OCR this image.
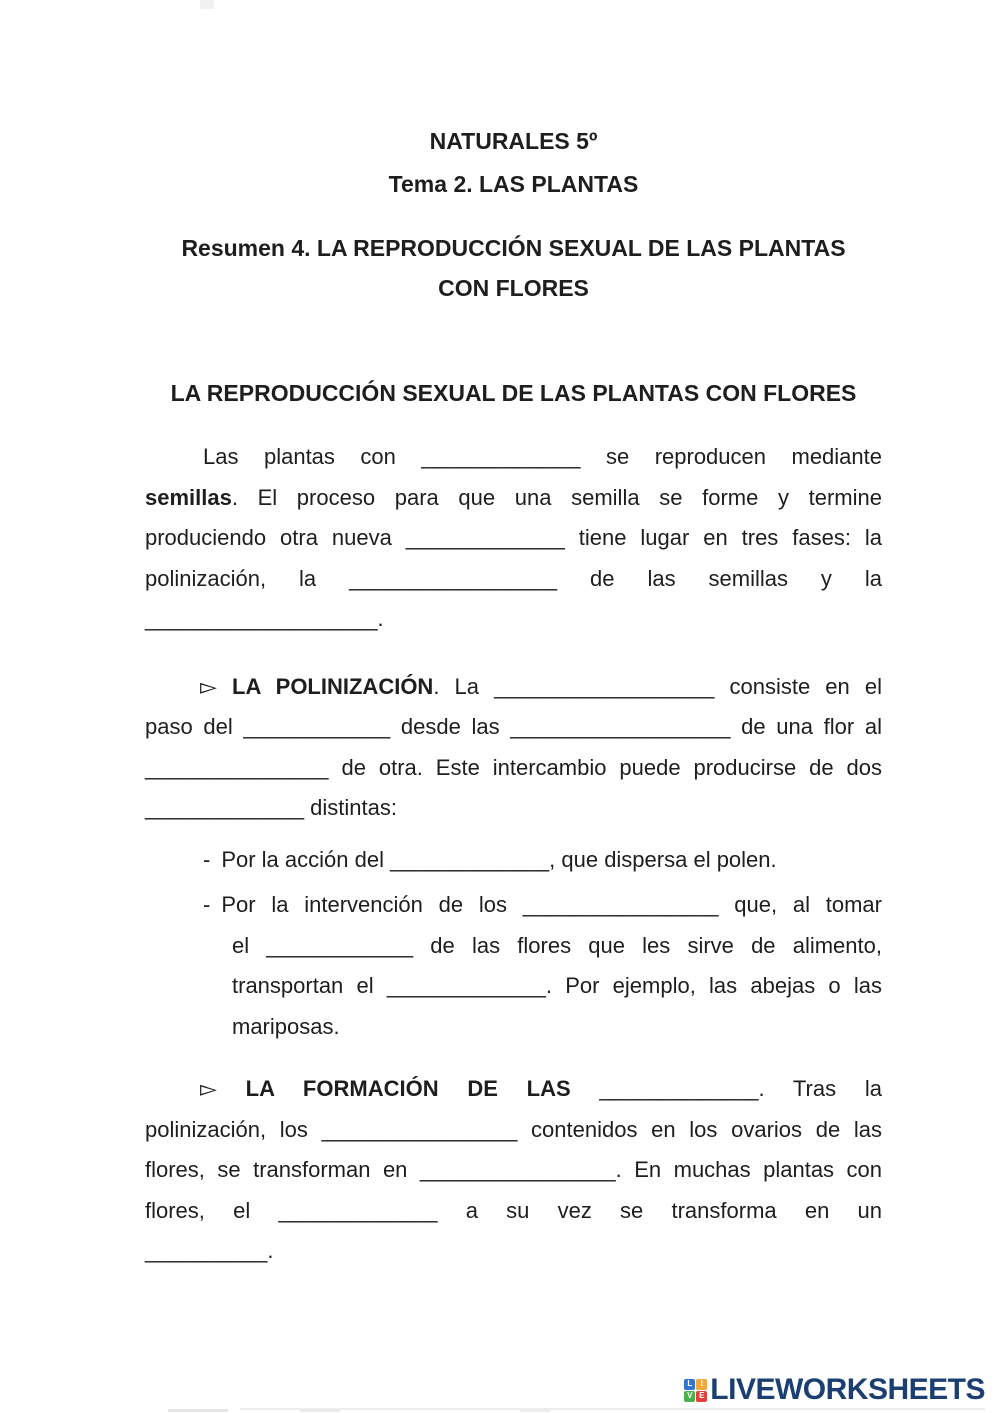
NATURALES 5º
Tema 2. LAS PLANTAS
Resumen 4. LA REPRODUCCIÓN SEXUAL DE LAS PLANTAS
CON FLORES
LA REPRODUCCIÓN SEXUAL DE LAS PLANTAS CON FLORES
Las plantas con _____________ se reproducen mediante
semillas. El proceso para que una semilla se forme y termine
produciendo otra nueva _____________ tiene lugar en tres fases: la
polinización, la _________________ de las semillas y la
___________________.
▻ LA POLINIZACIÓN. La __________________ consiste en el
paso del ____________ desde las __________________ de una flor al
_______________ de otra. Este intercambio puede producirse de dos
_____________ distintas:
- Por la acción del _____________, que dispersa el polen.
- Por la intervención de los ________________ que, al tomar
el ____________ de las flores que les sirve de alimento,
transportan el _____________. Por ejemplo, las abejas o las
mariposas.
▻ LA FORMACIÓN DE LAS _____________. Tras la
polinización, los ________________ contenidos en los ovarios de las
flores, se transforman en ________________. En muchas plantas con
flores, el _____________ a su vez se transforma en un
__________.
L	I
V E LIVEWORKSHEETS
